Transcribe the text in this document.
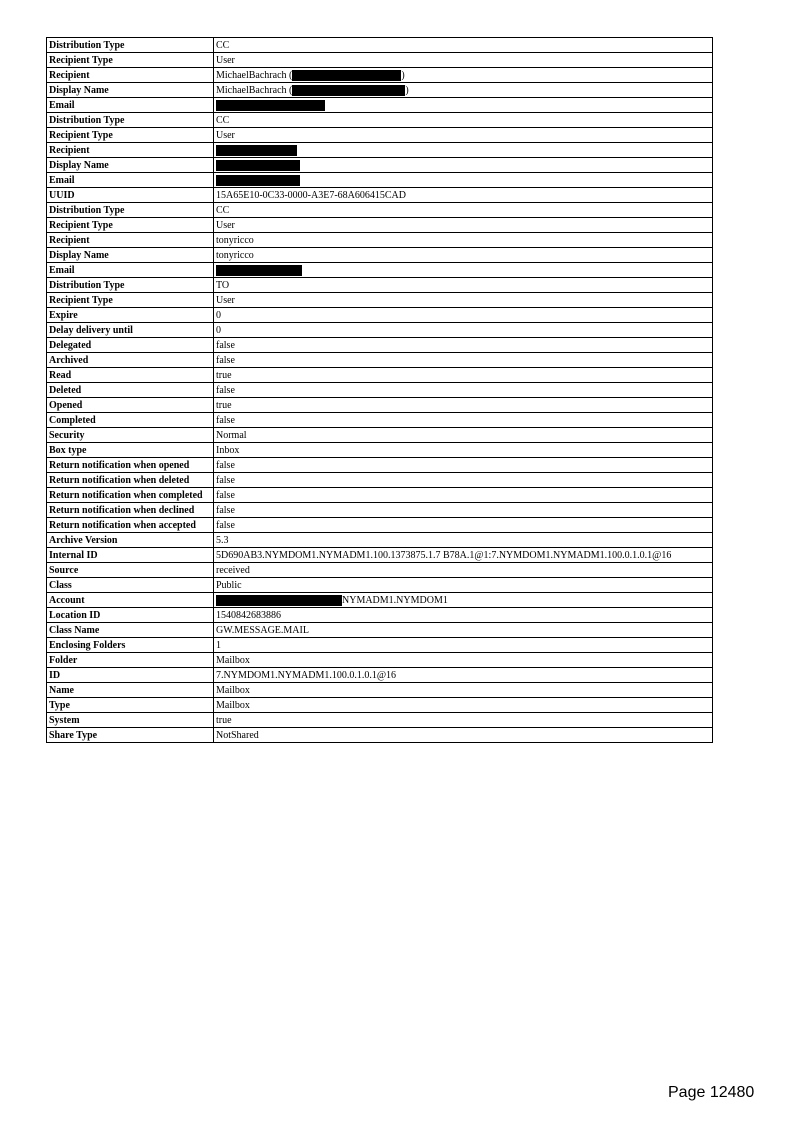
Distribution Type	CC
Recipient Type	User
Recipient	MichaelBachrach ( )
Display Name	MichaelBachrach ( )
Email	
Distribution Type	CC
Recipient Type	User
Recipient	
Display Name	
Email	
UUID	15A65E10-0C33-0000-A3E7-68A606415CAD
Distribution Type	CC
Recipient Type	User
Recipient	tonyricco
Display Name	tonyricco
Email	
Distribution Type	TO
Recipient Type	User
Expire	0
Delay delivery until	0
Delegated	false
Archived	false
Read	true
Deleted	false
Opened	true
Completed	false
Security	Normal
Box type	Inbox
Return notification when opened	false
Return notification when deleted	false
Return notification when completed	false
Return notification when declined	false
Return notification when accepted	false
Archive Version	5.3
Internal ID	5D690AB3.NYMDOM1.NYMADM1.100.1373875.1.7 B78A.1@1:7.NYMDOM1.NYMADM1.100.0.1.0.1@16
Source	received
Class	Public
Account	NYMADM1.NYMDOM1
Location ID	1540842683886
Class Name	GW.MESSAGE.MAIL
Enclosing Folders	1
Folder	Mailbox
ID	7.NYMDOM1.NYMADM1.100.0.1.0.1@16
Name	Mailbox
Type	Mailbox
System	true
Share Type	NotShared
Page 12480
